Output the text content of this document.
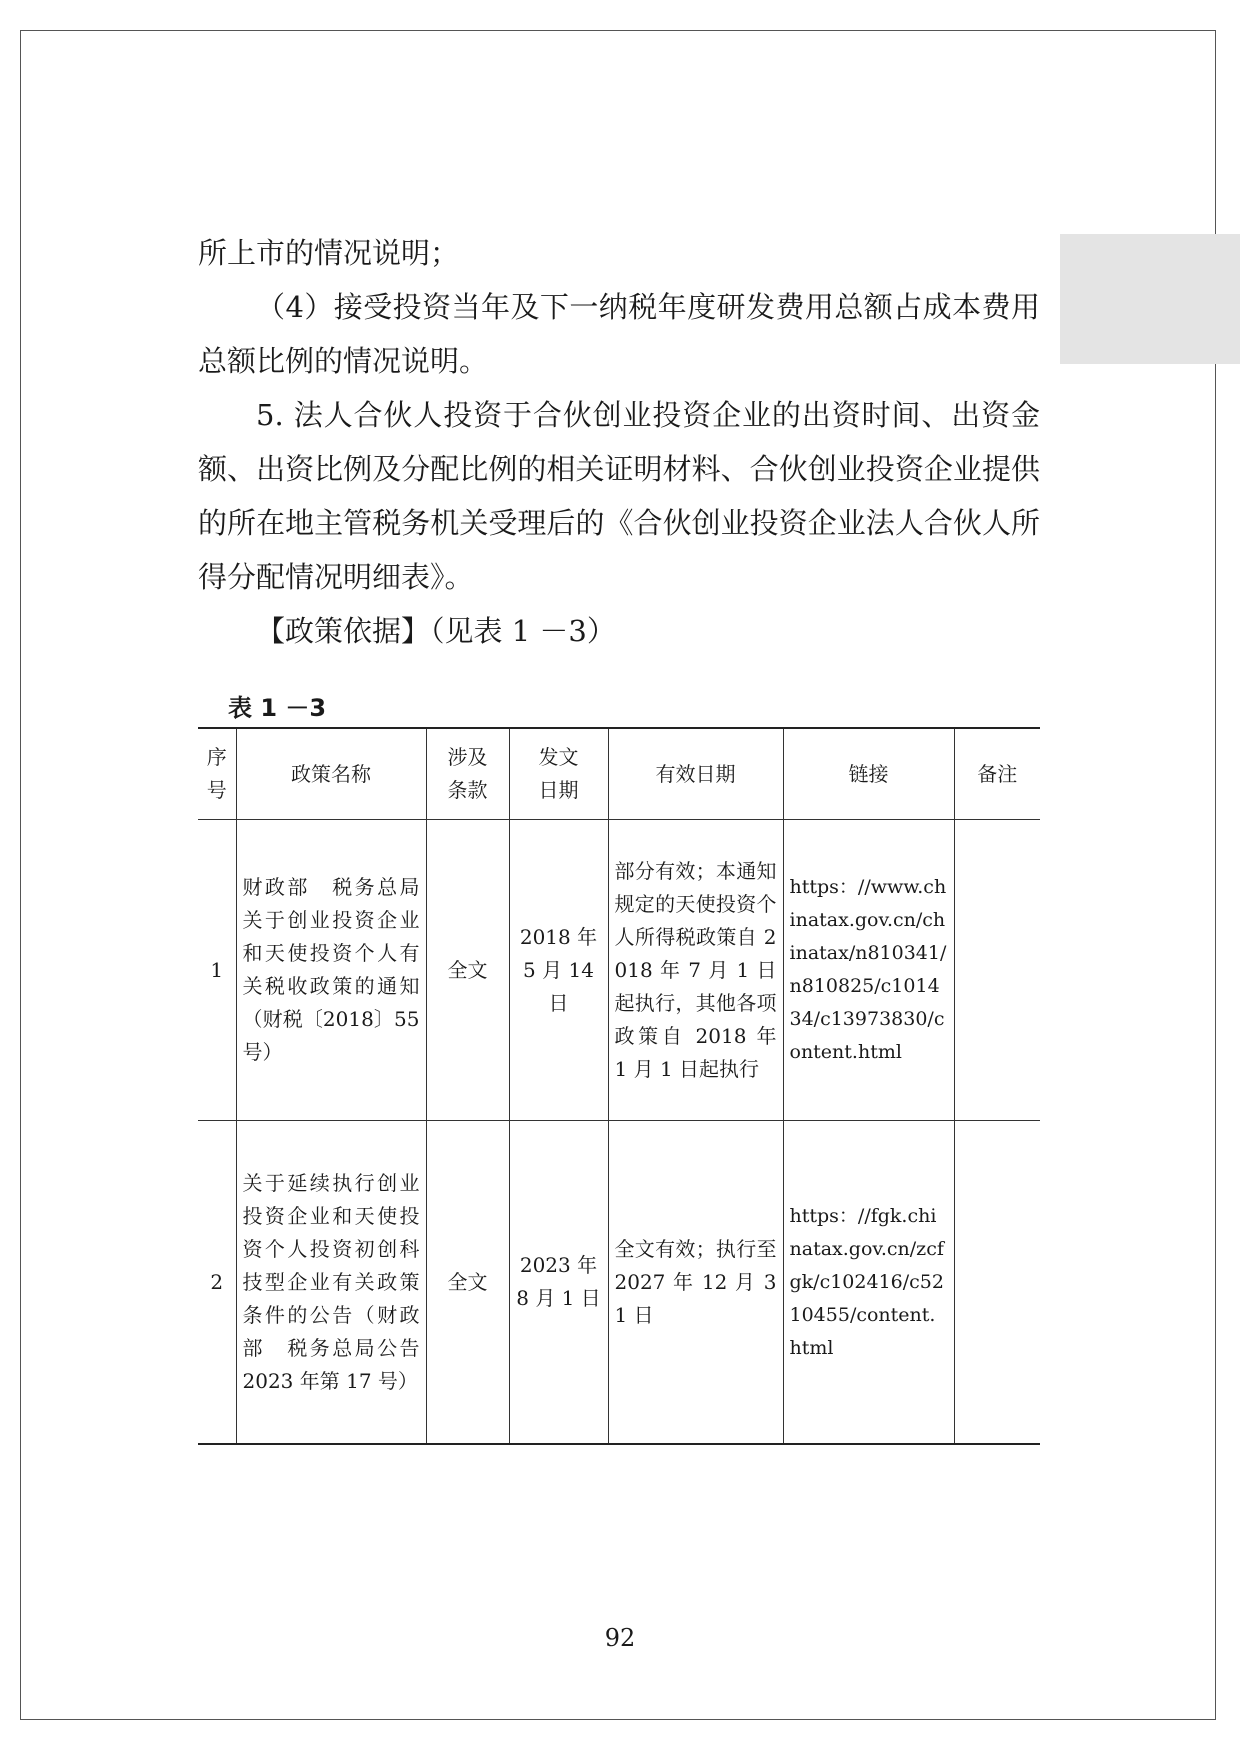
所上市的情况说明；

（4）接受投资当年及下一纳税年度研发费用总额占成本费用总额比例的情况说明。

5. 法人合伙人投资于合伙创业投资企业的出资时间、出资金额、出资比例及分配比例的相关证明材料、合伙创业投资企业提供的所在地主管税务机关受理后的《合伙创业投资企业法人合伙人所得分配情况明细表》。

【政策依据】（见表 1 －3）

表 1 －3
序号	政策名称	涉及条款	发文日期	有效日期	链接	备注
1	财政部　税务总局关于创业投资企业和天使投资个人有关税收政策的通知（财税〔2018〕55 号）	全文	2018 年 5 月 14 日	部分有效；本通知规定的天使投资个人所得税政策自 2018 年 7 月 1 日起执行，其他各项政策自 2018 年 1 月 1 日起执行	https：//www.chinatax.gov.cn/chinatax/n810341/n810825/c101434/c13973830/content.html	
2	关于延续执行创业投资企业和天使投资个人投资初创科技型企业有关政策条件的公告（财政部　税务总局公告 2023 年第 17 号）	全文	2023 年 8 月 1 日	全文有效；执行至 2027 年 12 月 31 日	https：//fgk.chinatax.gov.cn/zcfgk/c102416/c5210455/content.html	
92
